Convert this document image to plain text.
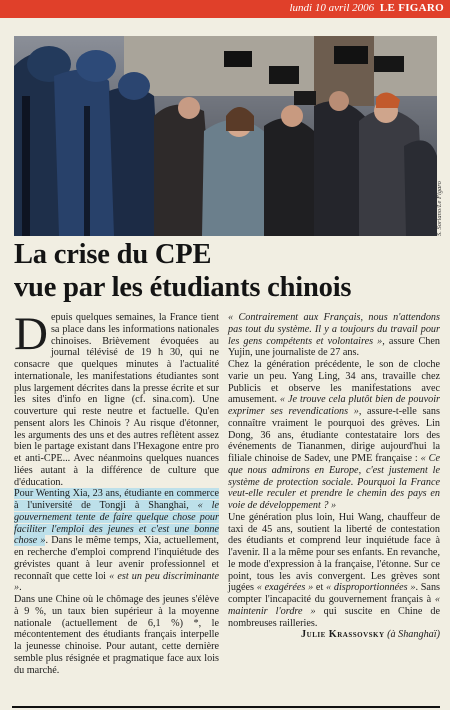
lundi 10 avril 2006 LE FIGARO
S. Soriano/Le Figaro
La crise du CPE
vue par les étudiants chinois

Depuis quelques semaines, la France tient sa place dans les informations nationales chinoises. Brièvement évoquées au journal télévisé de 19 h 30, qui ne consacre que quelques minutes à l'actualité internationale, les manifestations étudiantes sont plus largement décrites dans la presse écrite et sur les sites d'info en ligne (cf. sina.com). Une couverture qui reste neutre et factuelle. Qu'en pensent alors les Chinois ? Au risque d'étonner, les arguments des uns et des autres reflètent assez bien le partage existant dans l'Hexagone entre pro et anti-CPE... Avec néanmoins quelques nuances liées autant à la différence de culture que d'éducation.

Pour Wenting Xia, 23 ans, étudiante en commerce à l'université de Tongji à Shanghai, « le gouvernement tente de faire quelque chose pour faciliter l'emploi des jeunes et c'est une bonne chose ». Dans le même temps, Xia, actuellement, en recherche d'emploi comprend l'inquiétude des grévistes quant à leur avenir professionnel et reconnaît que cette loi « est un peu discriminante ».

Dans une Chine où le chômage des jeunes s'élève à 9 %, un taux bien supérieur à la moyenne nationale (actuellement de 6,1 %) *, le mécontentement des étudiants français interpelle la jeunesse chinoise. Pour autant, cette dernière semble plus résignée et pragmatique face aux lois du marché.

« Contrairement aux Français, nous n'attendons pas tout du système. Il y a toujours du travail pour les gens compétents et volontaires », assure Chen Yujin, une journaliste de 27 ans.

Chez la génération précédente, le son de cloche varie un peu. Yang Ling, 34 ans, travaille chez Publicis et observe les manifestations avec amusement. « Je trouve cela plutôt bien de pouvoir exprimer ses revendications », assure-t-elle sans connaître vraiment le pourquoi des grèves. Lin Dong, 36 ans, étudiante contestataire lors des événements de Tiananmen, dirige aujourd'hui la filiale chinoise de Sadev, une PME française : « Ce que nous admirons en Europe, c'est justement le système de protection sociale. Pourquoi la France veut-elle reculer et prendre le chemin des pays en voie de développement ? »

Une génération plus loin, Hui Wang, chauffeur de taxi de 45 ans, soutient la liberté de contestation des étudiants et comprend leur inquiétude face à l'avenir. Il a la même pour ses enfants. En revanche, le mode d'expression à la française, l'étonne. Sur ce point, tous les avis convergent. Les grèves sont jugées « exagérées » et « disproportionnées ». Sans compter l'incapacité du gouvernement français à « maintenir l'ordre » qui suscite en Chine de nombreuses railleries.

Julie Krassovsky (à Shanghaï)
